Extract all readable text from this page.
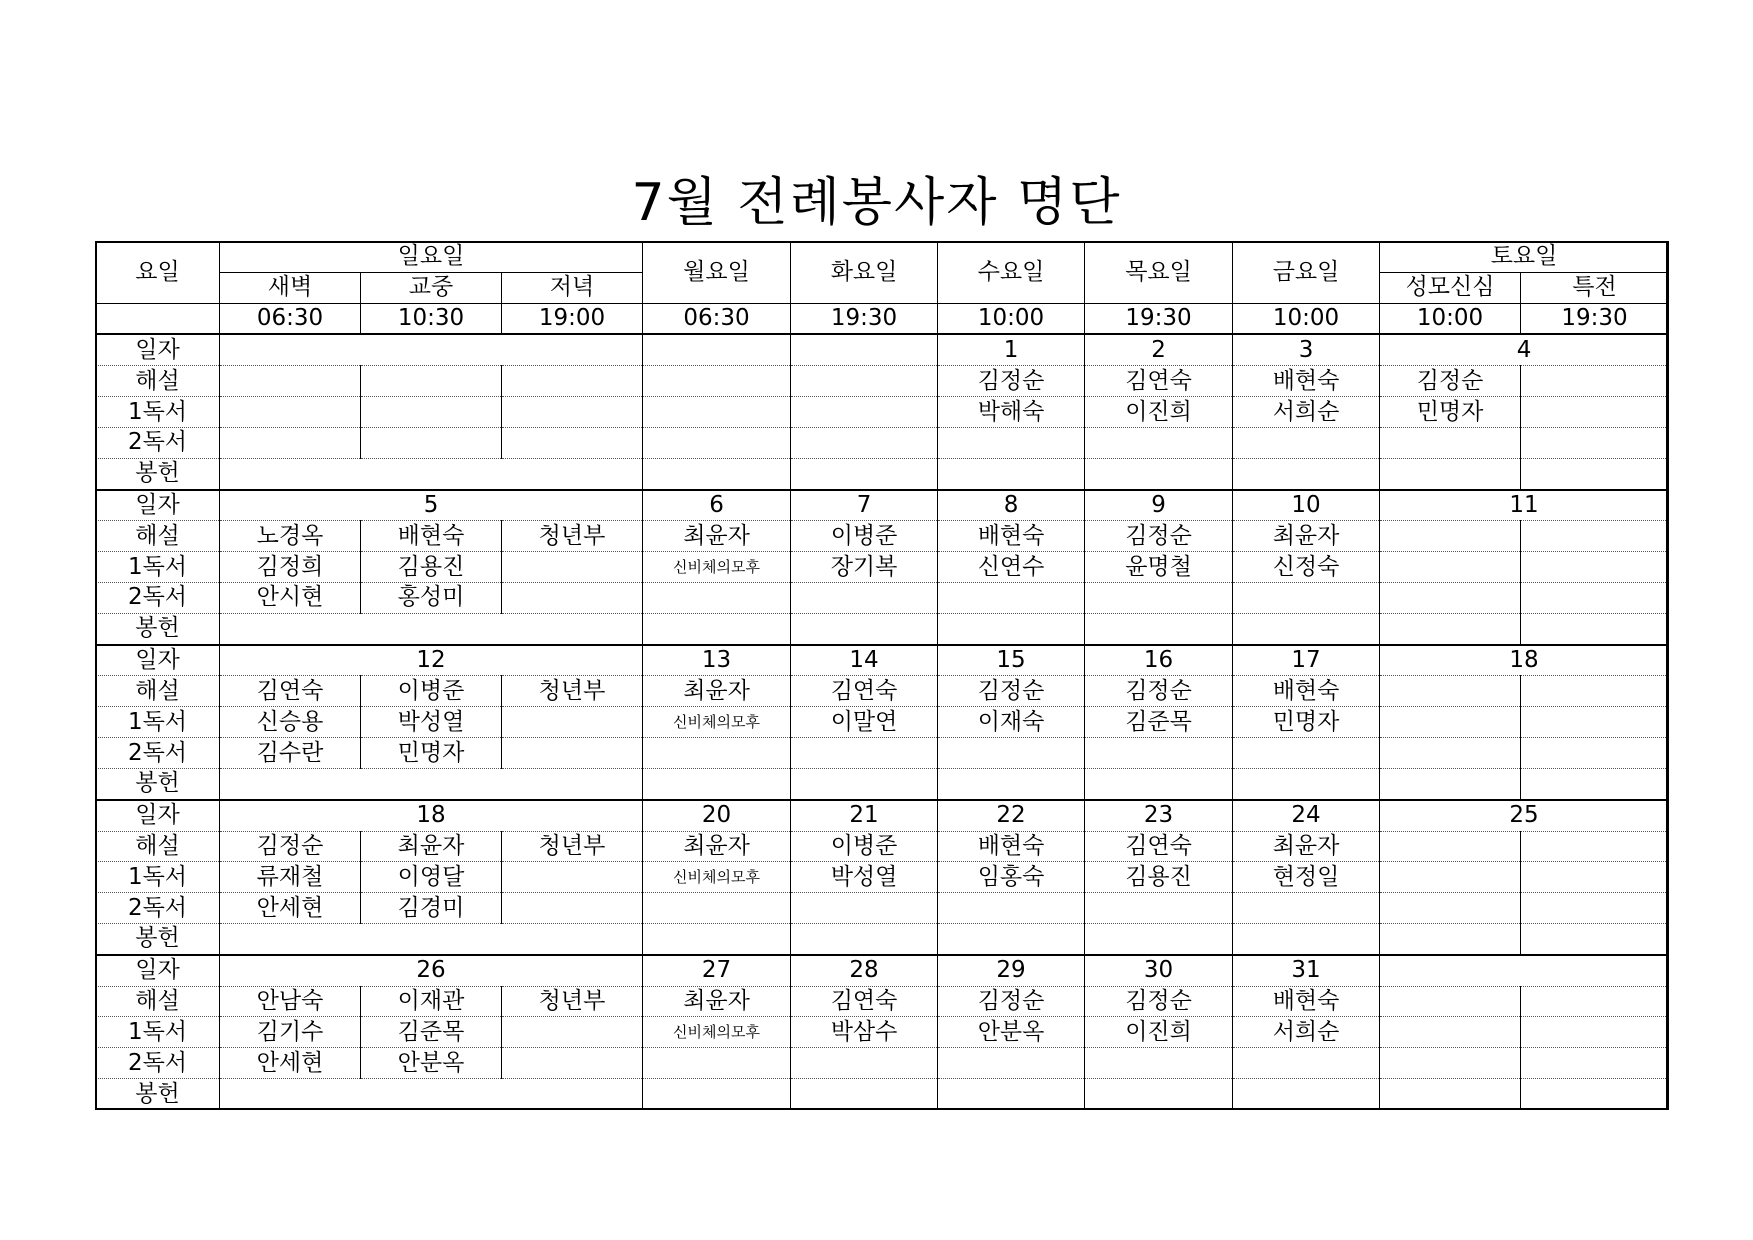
7월 전례봉사자 명단
요일	일요일			월요일	화요일	수요일	목요일	금요일	토요일	
	새벽	교중	저녁						성모신심	특전
	06:30	10:30	19:00	06:30	19:30	10:00	19:30	10:00	10:00	19:30
일자						1	2	3	4	
해설						김정순	김연숙	배현숙	김정순	
1독서						박해숙	이진희	서희순	민명자	
2독서										
봉헌										
일자	5			6	7	8	9	10	11	
해설	노경옥	배현숙	청년부	최윤자	이병준	배현숙	김정순	최윤자		
1독서	김정희	김용진		신비체의모후	장기복	신연수	윤명철	신정숙		
2독서	안시현	홍성미								
봉헌										
일자	12			13	14	15	16	17	18	
해설	김연숙	이병준	청년부	최윤자	김연숙	김정순	김정순	배현숙		
1독서	신승용	박성열		신비체의모후	이말연	이재숙	김준목	민명자		
2독서	김수란	민명자								
봉헌										
일자	18			20	21	22	23	24	25	
해설	김정순	최윤자	청년부	최윤자	이병준	배현숙	김연숙	최윤자		
1독서	류재철	이영달		신비체의모후	박성열	임홍숙	김용진	현정일		
2독서	안세현	김경미								
봉헌										
일자	26			27	28	29	30	31		
해설	안남숙	이재관	청년부	최윤자	김연숙	김정순	김정순	배현숙		
1독서	김기수	김준목		신비체의모후	박삼수	안분옥	이진희	서희순		
2독서	안세현	안분옥								
봉헌										
